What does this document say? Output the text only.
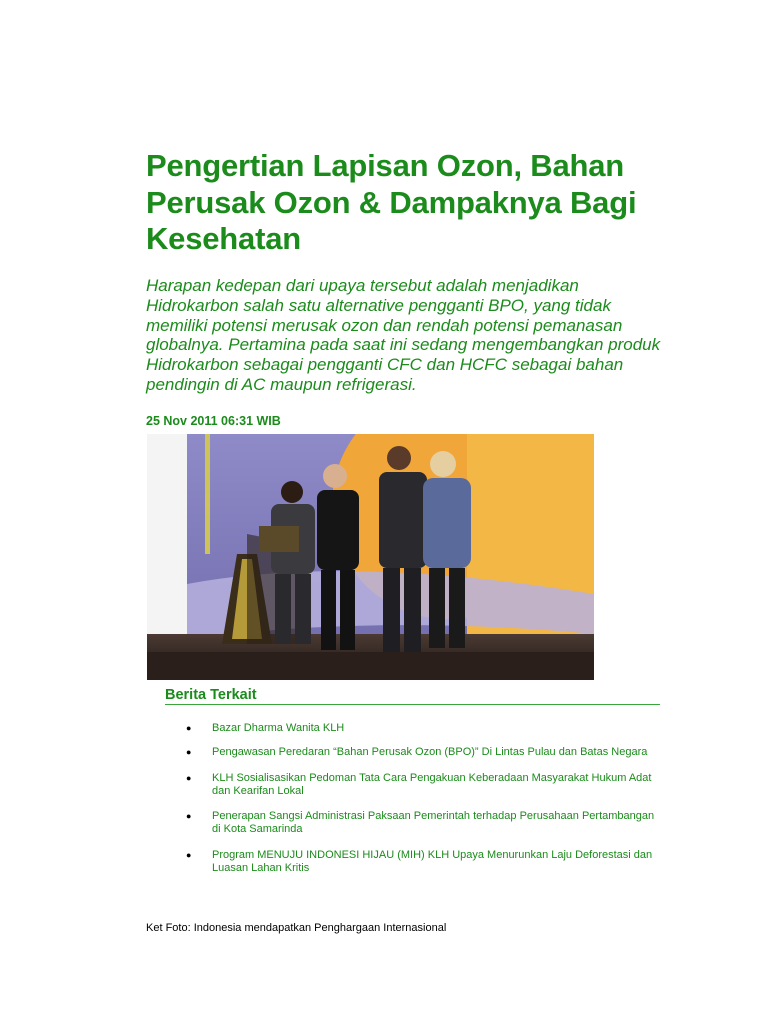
Pengertian Lapisan Ozon, Bahan Perusak Ozon & Dampaknya Bagi Kesehatan

Harapan kedepan dari upaya tersebut adalah menjadikan Hidrokarbon salah satu alternative pengganti BPO, yang tidak memiliki potensi merusak ozon dan rendah potensi pemanasan globalnya. Pertamina pada saat ini sedang mengembangkan produk Hidrokarbon sebagai pengganti CFC dan HCFC sebagai bahan pendingin di AC maupun refrigerasi.

25 Nov 2011 06:31 WIB

Berita Terkait
● Bazar Dharma Wanita KLH
● Pengawasan Peredaran “Bahan Perusak Ozon (BPO)” Di Lintas Pulau dan Batas Negara
● KLH Sosialisasikan Pedoman Tata Cara Pengakuan Keberadaan Masyarakat Hukum Adat dan Kearifan Lokal
● Penerapan Sangsi Administrasi Paksaan Pemerintah terhadap Perusahaan Pertambangan di Kota Samarinda
● Program MENUJU INDONESI HIJAU (MIH) KLH Upaya Menurunkan Laju Deforestasi dan Luasan Lahan Kritis

Ket Foto: Indonesia mendapatkan Penghargaan Internasional
